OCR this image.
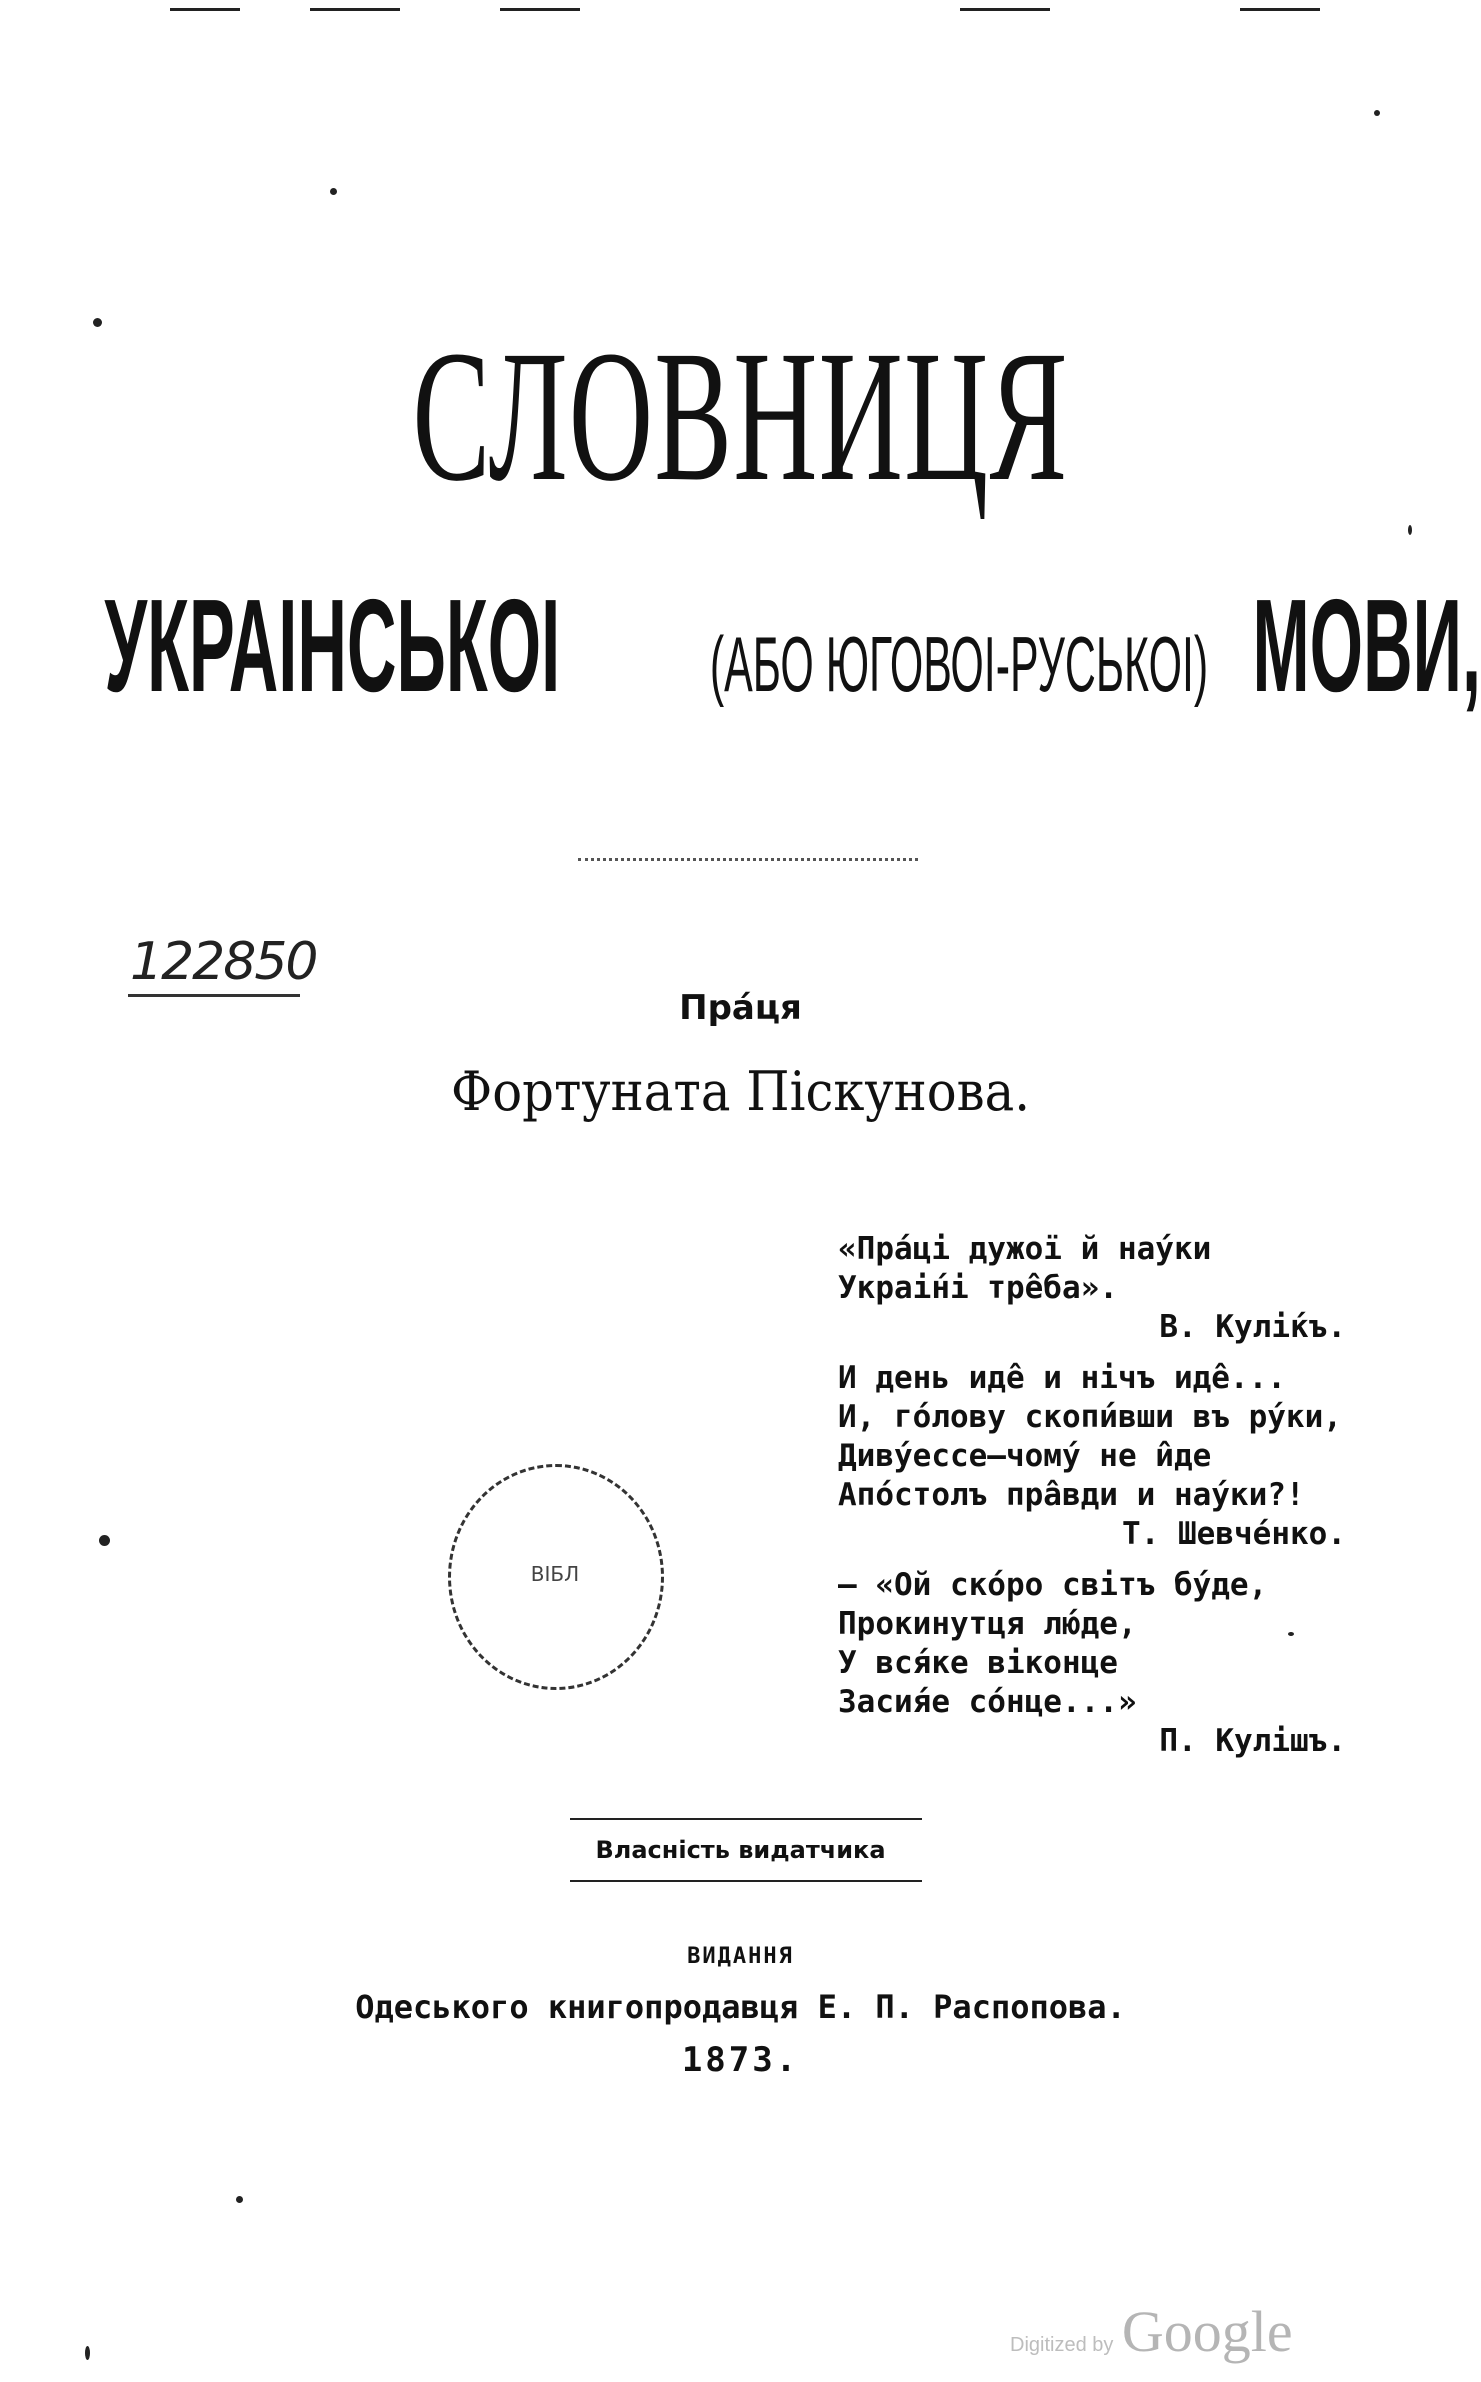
СЛОВНИЦЯ
УКРАІНСЬКОІ (АБО ЮГОВОІ-РУСЬКОІ) МОВИ,
122850
Пра́ця
Фортуната Піскунова.
ВІБЛ
«Пра́ці дужої й нау́ки
Украі́ні тре̂ба».
В. Кулі́къ.
И день иде̂ и нічъ иде̂...
И, го́лову скопи́вши въ ру́ки,
Диву́ессе—чому́ не и̂де
Апо́столъ пра̂вди и нау́ки?!
Т. Шевче́нко.
— «Ой ско́ро світъ бу́де,
Прокинутця лю́де,
У вся́ке віконце
Засия́е со́нце...»
П. Кулішъ.
Власність видатчика
ВИДАННЯ
Одеського книгопродавця Е. П. Распопова.
1873.
Digitized by Google
